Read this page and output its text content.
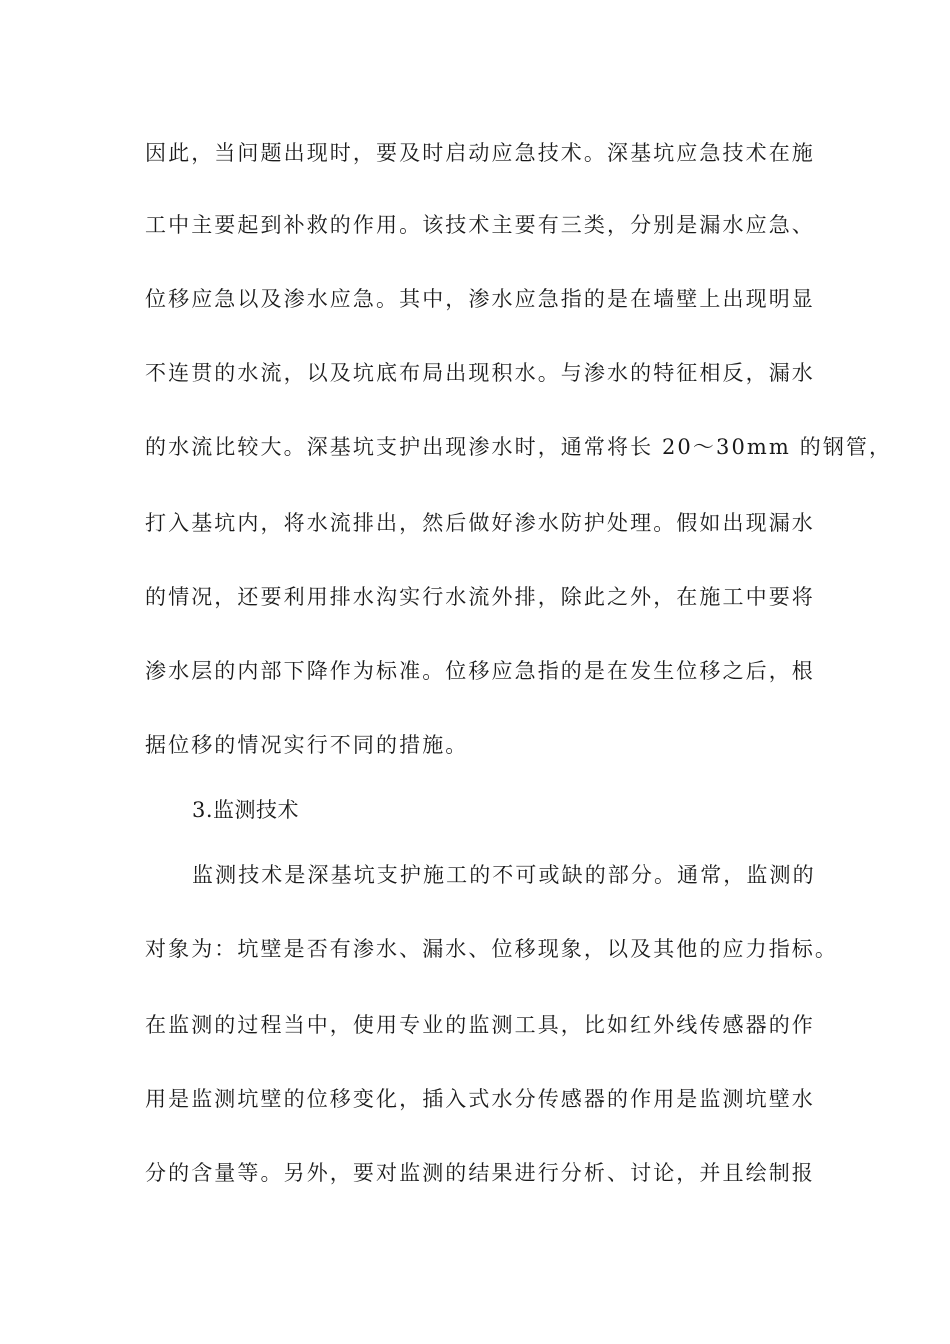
因此，当问题出现时，要及时启动应急技术。深基坑应急技术在施
工中主要起到补救的作用。该技术主要有三类，分别是漏水应急、
位移应急以及渗水应急。其中，渗水应急指的是在墙壁上出现明显
不连贯的水流，以及坑底布局出现积水。与渗水的特征相反，漏水
的水流比较大。深基坑支护出现渗水时，通常将长 20～30mm 的钢管，
打入基坑内，将水流排出，然后做好渗水防护处理。假如出现漏水
的情况，还要利用排水沟实行水流外排，除此之外，在施工中要将
渗水层的内部下降作为标准。位移应急指的是在发生位移之后，根
据位移的情况实行不同的措施。
3.监测技术
监测技术是深基坑支护施工的不可或缺的部分。通常，监测的
对象为：坑壁是否有渗水、漏水、位移现象，以及其他的应力指标。
在监测的过程当中，使用专业的监测工具，比如红外线传感器的作
用是监测坑壁的位移变化，插入式水分传感器的作用是监测坑壁水
分的含量等。另外，要对监测的结果进行分析、讨论，并且绘制报
